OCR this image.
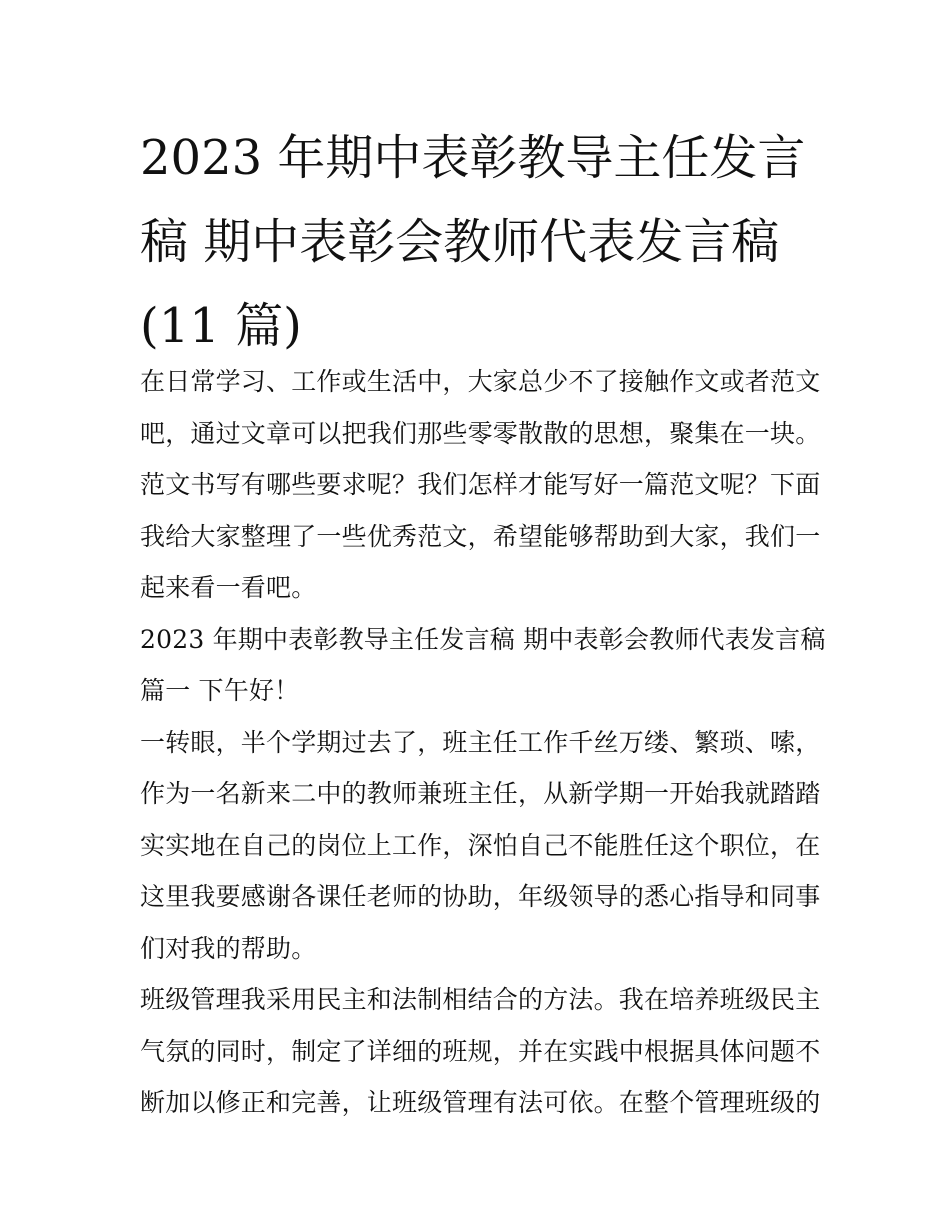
2023 年期中表彰教导主任发言
稿 期中表彰会教师代表发言稿
(11 篇)
在日常学习、工作或生活中，大家总少不了接触作文或者范文
吧，通过文章可以把我们那些零零散散的思想，聚集在一块。
范文书写有哪些要求呢？我们怎样才能写好一篇范文呢？下面
我给大家整理了一些优秀范文，希望能够帮助到大家，我们一
起来看一看吧。
2023 年期中表彰教导主任发言稿 期中表彰会教师代表发言稿
篇一 下午好！
一转眼，半个学期过去了，班主任工作千丝万缕、繁琐、嗦，
作为一名新来二中的教师兼班主任，从新学期一开始我就踏踏
实实地在自己的岗位上工作，深怕自己不能胜任这个职位，在
这里我要感谢各课任老师的协助，年级领导的悉心指导和同事
们对我的帮助。
班级管理我采用民主和法制相结合的方法。我在培养班级民主
气氛的同时，制定了详细的班规，并在实践中根据具体问题不
断加以修正和完善，让班级管理有法可依。在整个管理班级的
